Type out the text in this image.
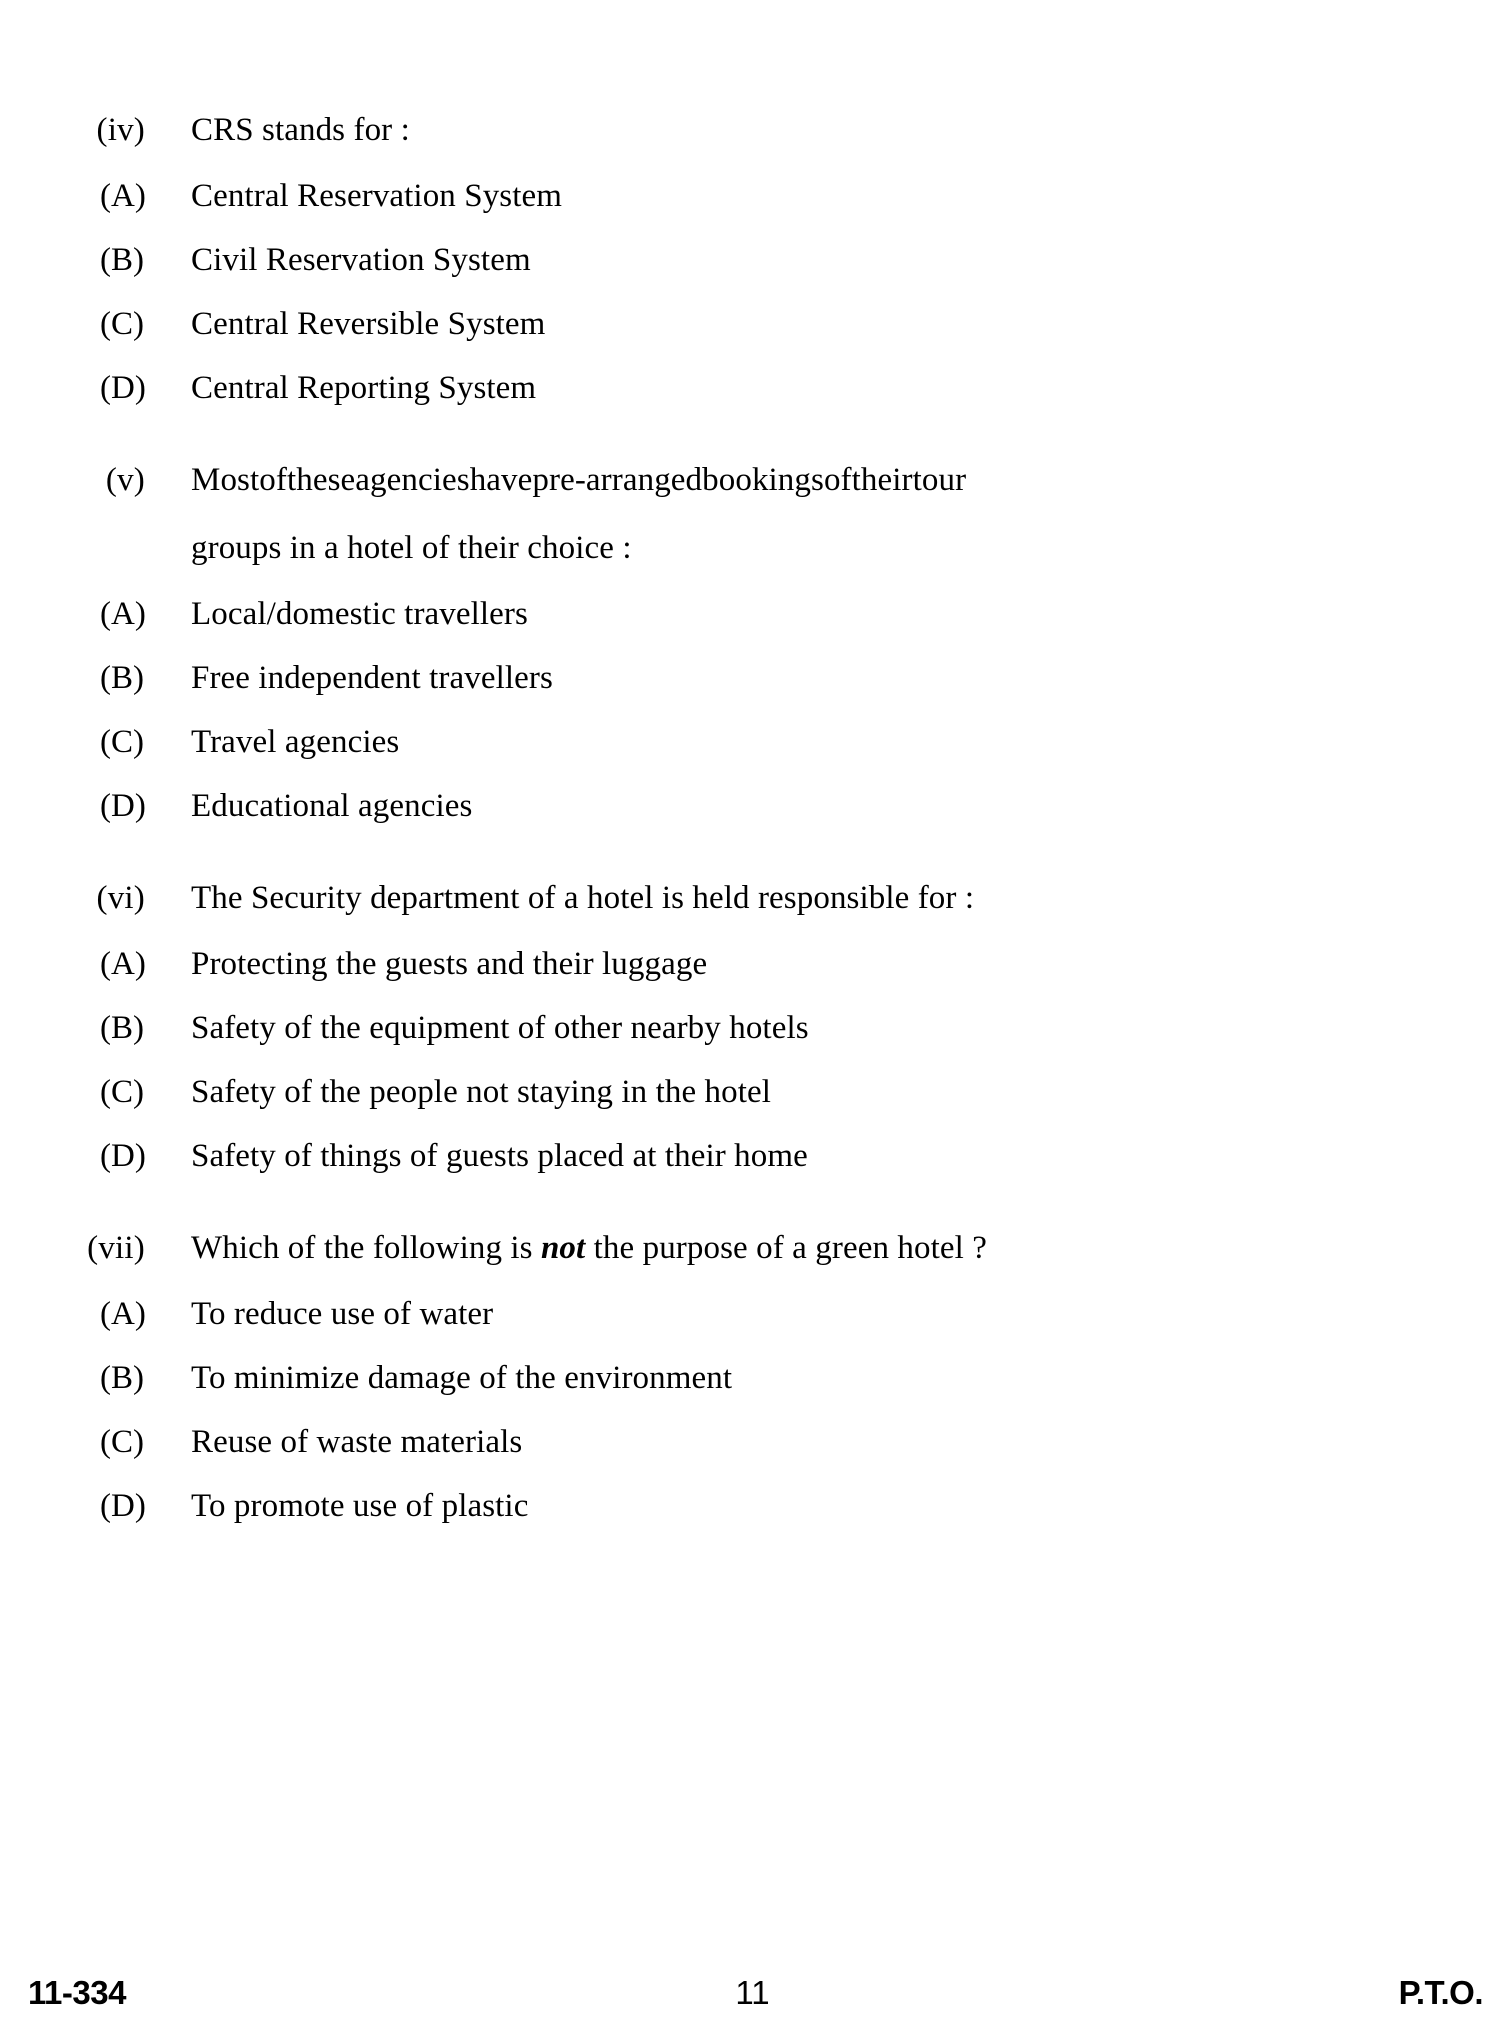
(iv) CRS stands for :
(A) Central Reservation System
(B) Civil Reservation System
(C) Central Reversible System
(D) Central Reporting System
(v) Mostoftheseagencieshavepre-arrangedbookingsoftheirtour
groups in a hotel of their choice :
(A) Local/domestic travellers
(B) Free independent travellers
(C) Travel agencies
(D) Educational agencies
(vi) The Security department of a hotel is held responsible for :
(A) Protecting the guests and their luggage
(B) Safety of the equipment of other nearby hotels
(C) Safety of the people not staying in the hotel
(D) Safety of things of guests placed at their home
(vii) Which of the following is not the purpose of a green hotel ?
(A) To reduce use of water
(B) To minimize damage of the environment
(C) Reuse of waste materials
(D) To promote use of plastic
11-334	11	P.T.O.
